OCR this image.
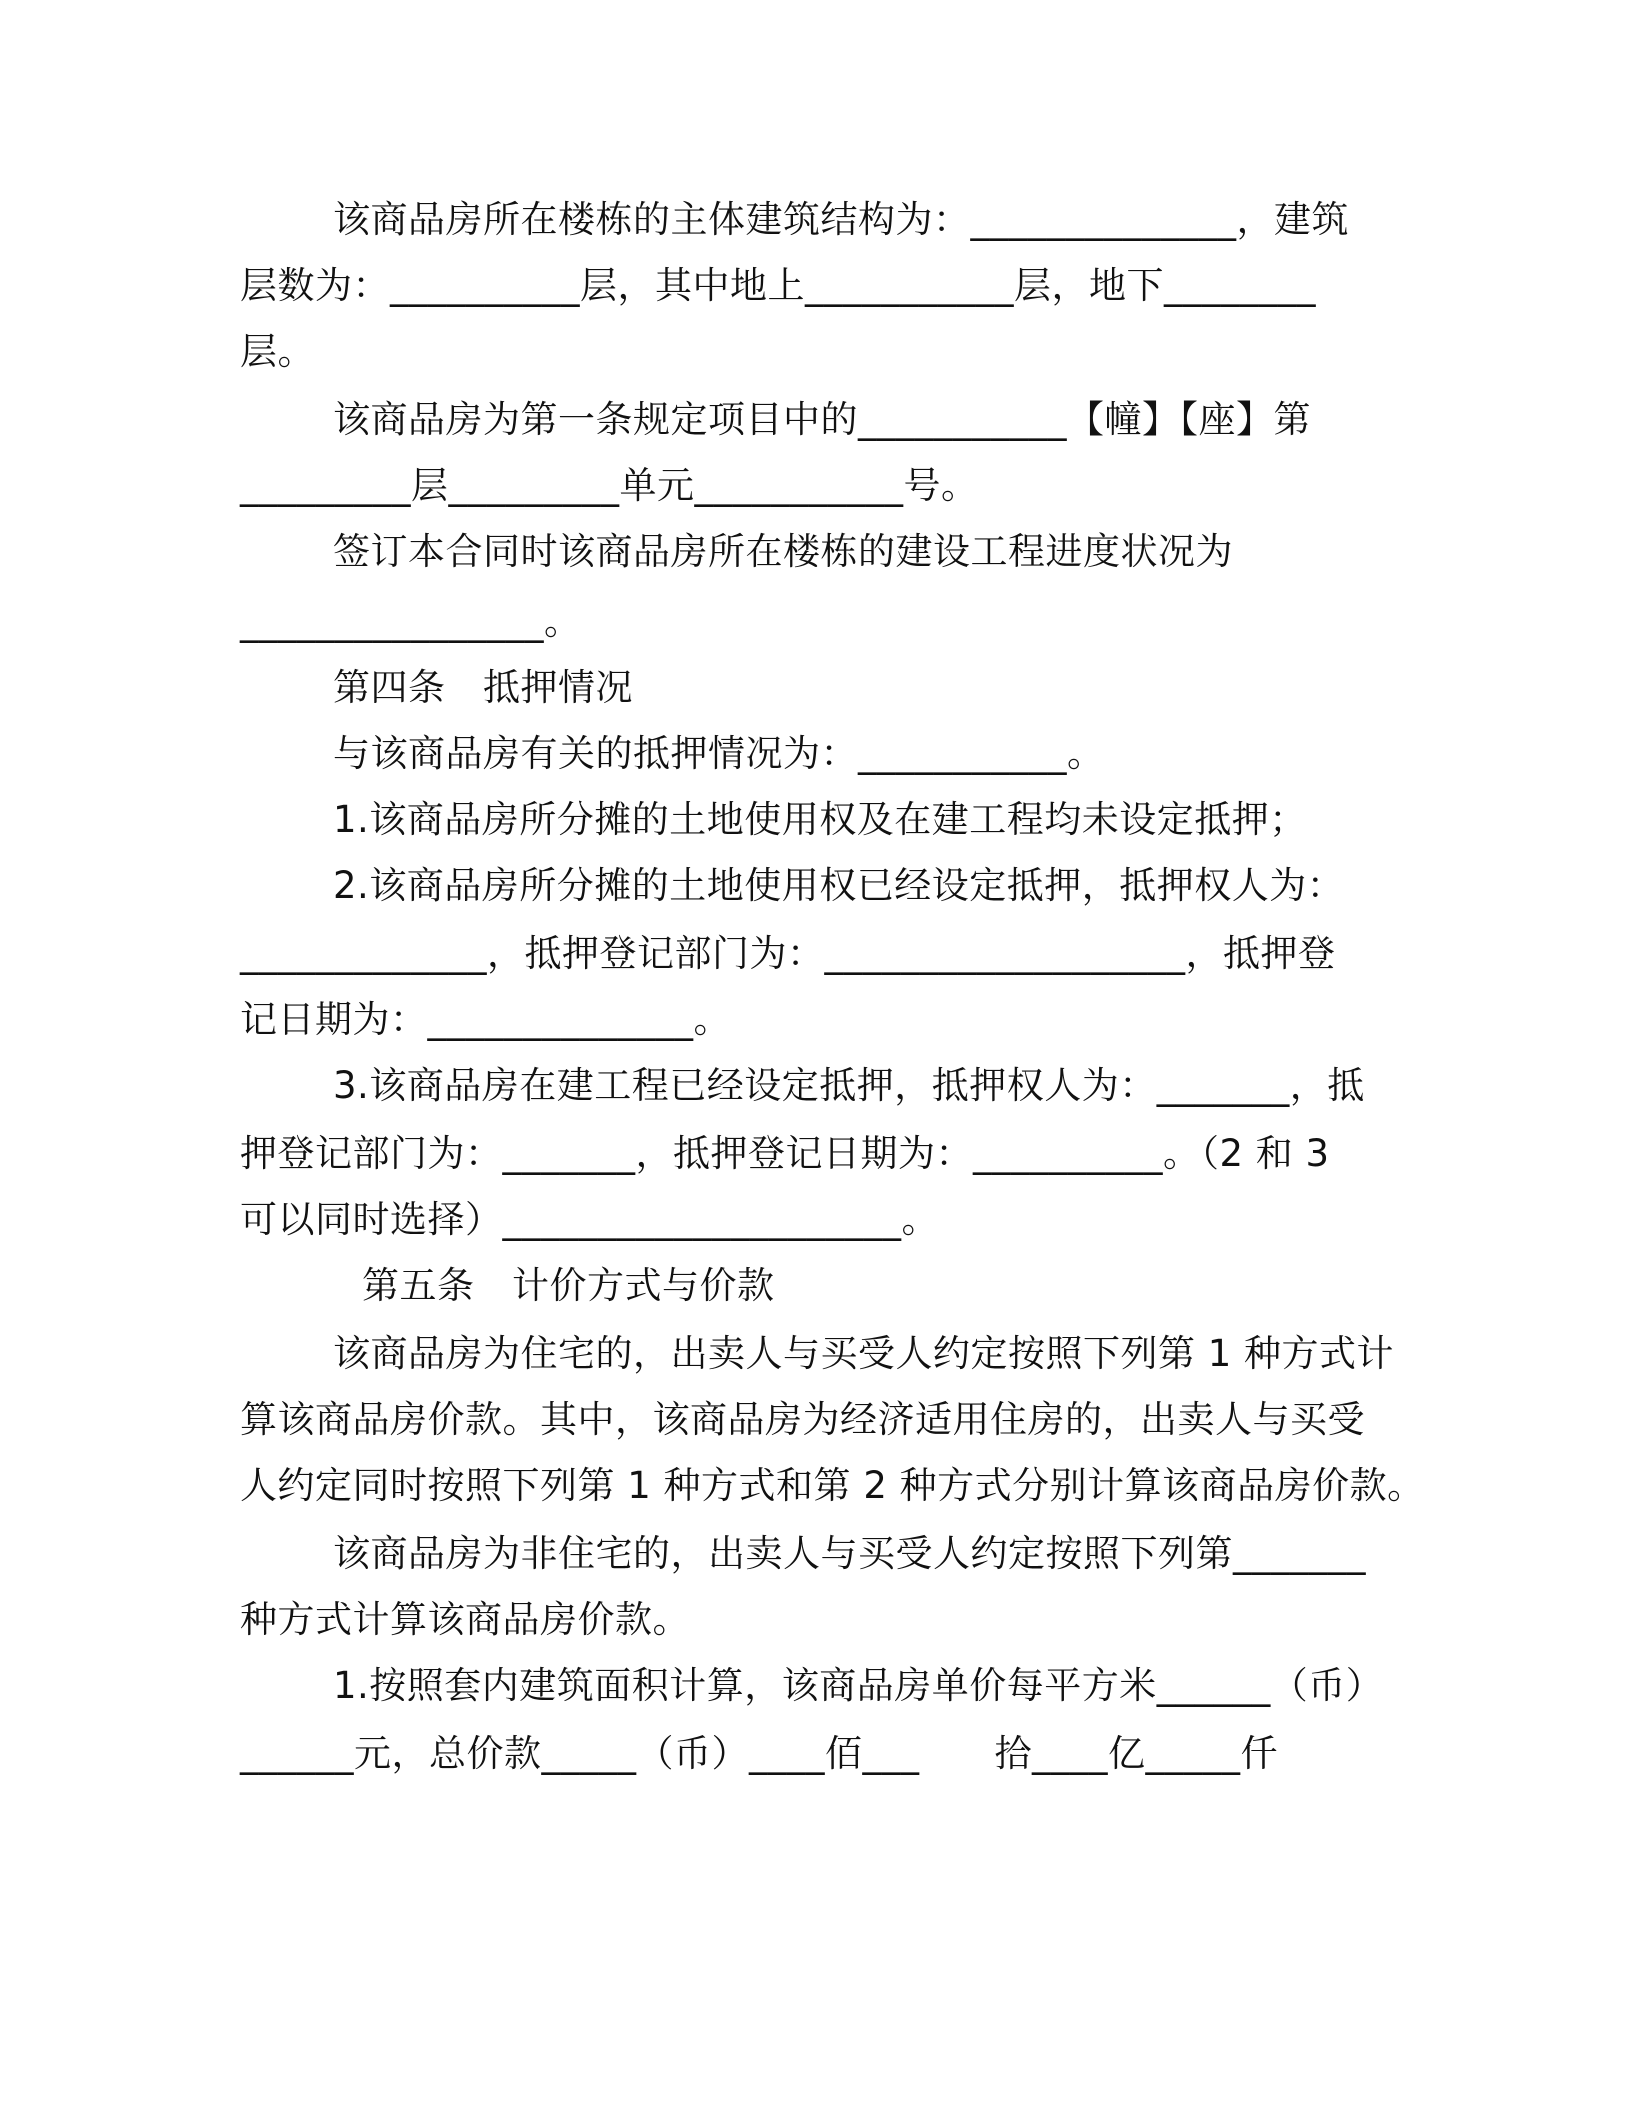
该商品房所在楼栋的主体建筑结构为：______________，建筑
层数为：__________层，其中地上___________层，地下________
层。
该商品房为第一条规定项目中的___________【幢】【座】第
_________层_________单元___________号。
签订本合同时该商品房所在楼栋的建设工程进度状况为
________________。
第四条　抵押情况
与该商品房有关的抵押情况为：___________。
1.该商品房所分摊的土地使用权及在建工程均未设定抵押；
2.该商品房所分摊的土地使用权已经设定抵押，抵押权人为：
_____________，抵押登记部门为：___________________，抵押登
记日期为：______________。
3.该商品房在建工程已经设定抵押，抵押权人为：_______，抵
押登记部门为：_______，抵押登记日期为：__________。（2 和 3
可以同时选择）_____________________。
第五条　计价方式与价款
该商品房为住宅的，出卖人与买受人约定按照下列第 1 种方式计
算该商品房价款。其中，该商品房为经济适用住房的，出卖人与买受
人约定同时按照下列第 1 种方式和第 2 种方式分别计算该商品房价款。
该商品房为非住宅的，出卖人与买受人约定按照下列第_______
种方式计算该商品房价款。
1.按照套内建筑面积计算，该商品房单价每平方米______（币）
______元，总价款_____（币）____佰___　　拾____亿_____仟
